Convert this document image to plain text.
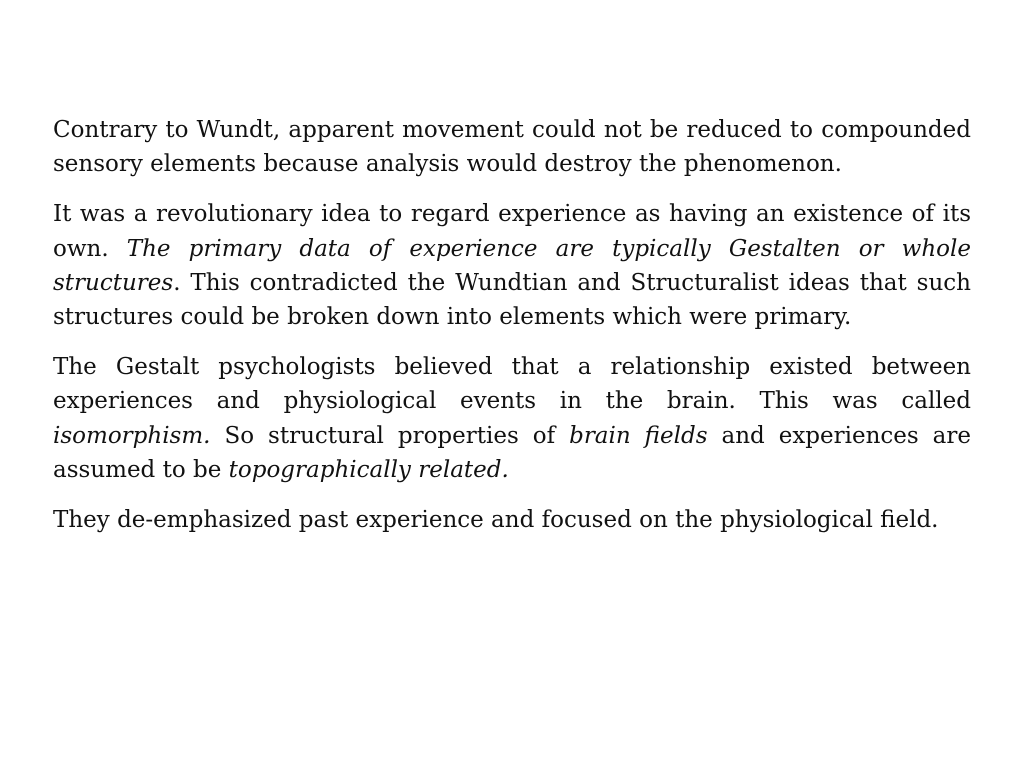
Contrary to Wundt, apparent movement could not be reduced to compounded sensory elements because analysis would destroy the phenomenon.

It was a revolutionary idea to regard experience as having an existence of its own. The primary data of experience are typically Gestalten or whole structures. This contradicted the Wundtian and Structuralist ideas that such structures could be broken down into elements which were primary.

The Gestalt psychologists believed that a relationship existed between experiences and physiological events in the brain. This was called isomorphism. So structural properties of brain fields and experiences are assumed to be topographically related.

They de-emphasized past experience and focused on the physiological field.
